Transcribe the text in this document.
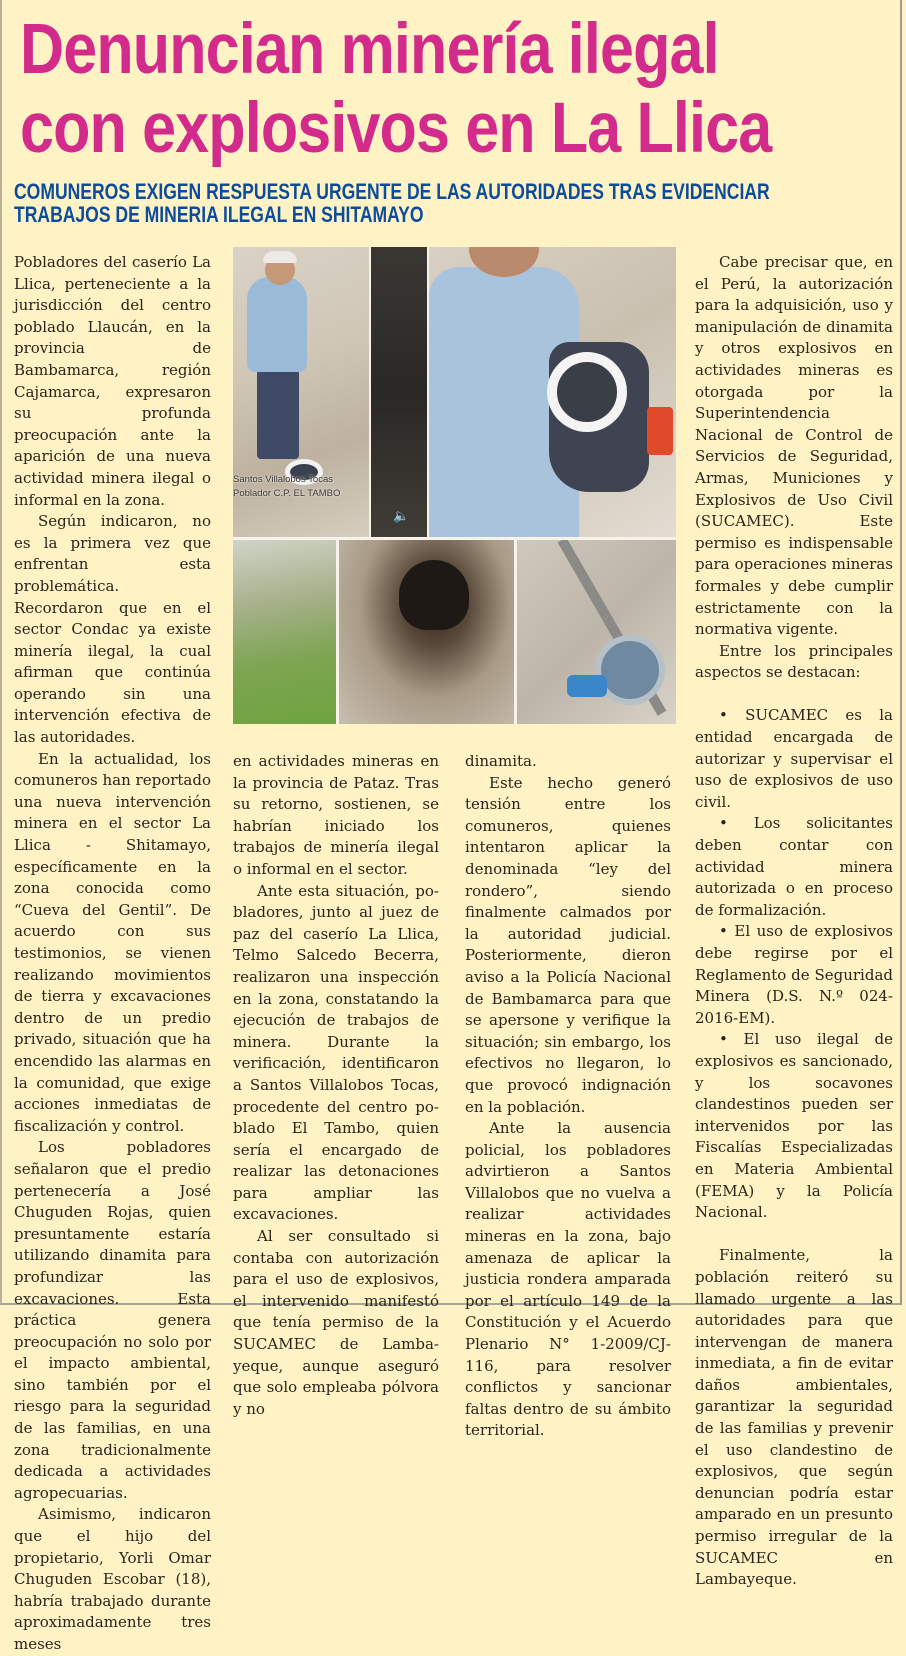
Denuncian minería ilegal
con explosivos en La Llica
COMUNEROS EXIGEN RESPUESTA URGENTE DE LAS AUTORIDADES TRAS EVIDENCIAR
TRABAJOS DE MINERIA ILEGAL EN SHITAMAYO

Pobladores del caserío La Llica, perteneciente a la jurisdicción del centro poblado Llaucán, en la provincia de Bambamarca, región Cajamarca, expresaron su profunda preocupación ante la aparición de una nueva actividad minera ilegal o informal en la zona.

Según indicaron, no es la primera vez que enfrentan esta problemática. Recordaron que en el sector Condac ya existe minería ilegal, la cual afirman que continúa operando sin una intervención efectiva de las autoridades.

En la actualidad, los comuneros han reportado una nueva intervención minera en el sector La Llica - Shitamayo, específicamente en la zona conocida como “Cueva del Gentil”. De acuerdo con sus testimonios, se vienen realizando movimientos de tierra y excavaciones dentro de un predio privado, situación que ha encendido las alarmas en la comunidad, que exige acciones inmediatas de fiscalización y control.

Los pobladores señalaron que el predio pertenecería a José Chuguden Rojas, quien presuntamente estaría utilizando dinamita para profundizar las excavaciones. Esta práctica genera preocupación no solo por el impacto ambiental, sino también por el riesgo para la seguridad de las familias, en una zona tradicionalmente dedicada a actividades agropecuarias.

Asimismo, indicaron que el hijo del propietario, Yorli Omar Chuguden Escobar (18), habría trabajado durante aproximadamente tres meses

Santos Villalobos Tocas
Poblador C.P. EL TAMBO
🔈

en actividades mineras en la provincia de Pataz. Tras su retorno, sostienen, se habrían iniciado los trabajos de minería ilegal o informal en el sector.

Ante esta situación, pobladores, junto al juez de paz del caserío La Llica, Telmo Salcedo Becerra, realizaron una inspección en la zona, constatando la ejecución de trabajos de minera. Durante la verificación, identificaron a Santos Villalobos Tocas, procedente del centro poblado El Tambo, quien sería el encargado de realizar las detonaciones para ampliar las excavaciones.

Al ser consultado si contaba con autorización para el uso de explosivos, el intervenido manifestó que tenía permiso de la SUCAMEC de Lambayeque, aunque aseguró que solo empleaba pólvora y no

dinamita.

Este hecho generó tensión entre los comuneros, quienes intentaron aplicar la denominada “ley del rondero”, siendo finalmente calmados por la autoridad judicial. Posteriormente, dieron aviso a la Policía Nacional de Bambamarca para que se apersone y verifique la situación; sin embargo, los efectivos no llegaron, lo que provocó indignación en la población.

Ante la ausencia policial, los pobladores advirtieron a Santos Villalobos que no vuelva a realizar actividades mineras en la zona, bajo amenaza de aplicar la justicia rondera amparada por el artículo 149 de la Constitución y el Acuerdo Plenario N° 1-2009/CJ-116, para resolver conflictos y sancionar faltas dentro de su ámbito territorial.

Cabe precisar que, en el Perú, la autorización para la adquisición, uso y manipulación de dinamita y otros explosivos en actividades mineras es otorgada por la Superintendencia Nacional de Control de Servicios de Seguridad, Armas, Municiones y Explosivos de Uso Civil (SUCAMEC). Este permiso es indispensable para operaciones mineras formales y debe cumplir estrictamente con la normativa vigente.

Entre los principales aspectos se destacan:

• SUCAMEC es la entidad encargada de autorizar y supervisar el uso de explosivos de uso civil.

• Los solicitantes deben contar con actividad minera autorizada o en proceso de formalización.

• El uso de explosivos debe regirse por el Reglamento de Seguridad Minera (D.S. N.º 024-2016-EM).

• El uso ilegal de explosivos es sancionado, y los socavones clandestinos pueden ser intervenidos por las Fiscalías Especializadas en Materia Ambiental (FEMA) y la Policía Nacional.

Finalmente, la población reiteró su llamado urgente a las autoridades para que intervengan de manera inmediata, a fin de evitar daños ambientales, garantizar la seguridad de las familias y prevenir el uso clandestino de explosivos, que según denuncian podría estar amparado en un presunto permiso irregular de la SUCAMEC en Lambayeque.
